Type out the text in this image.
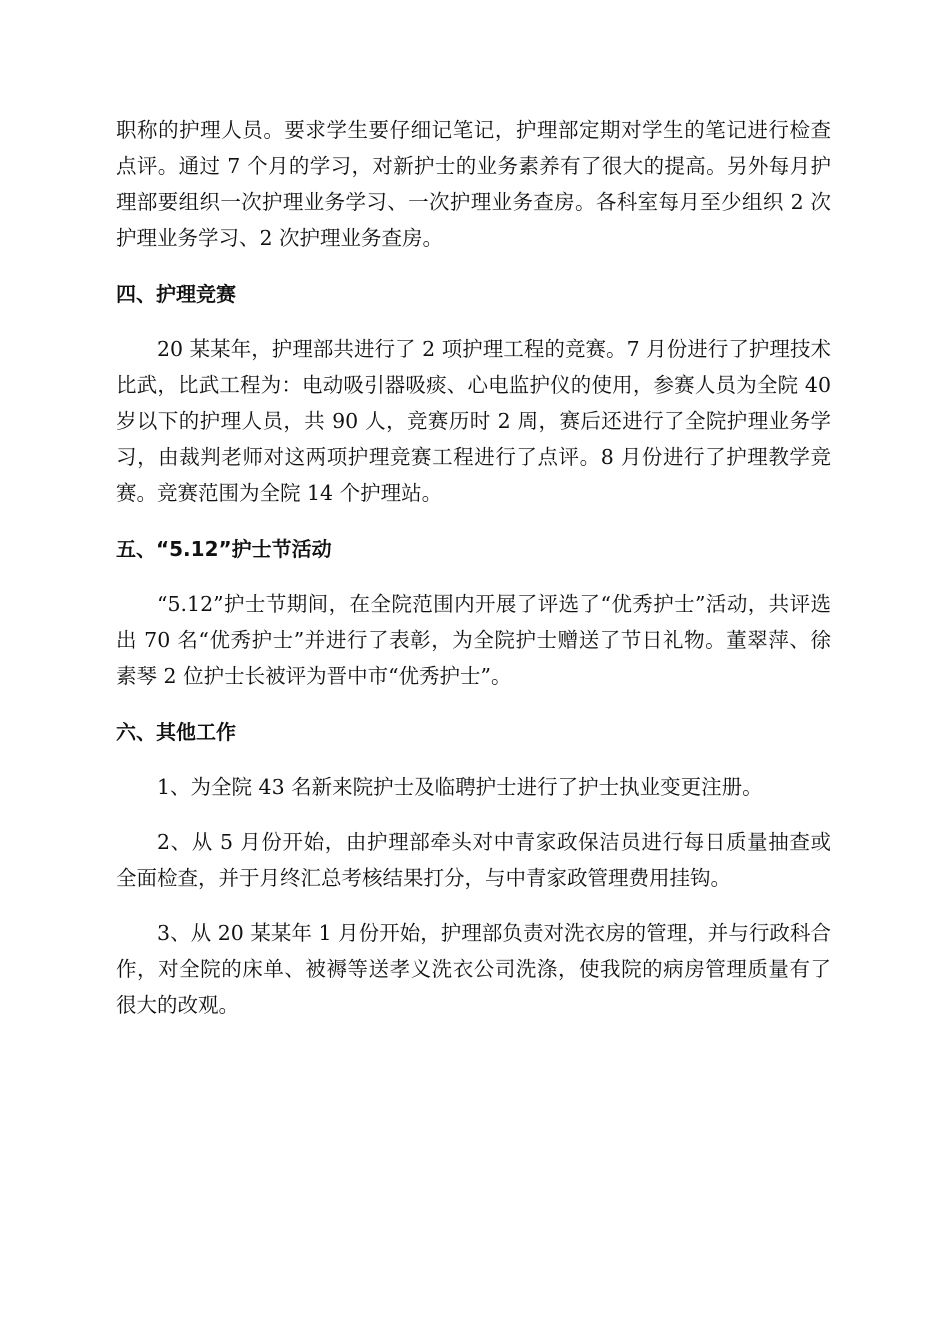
职称的护理人员。要求学生要仔细记笔记，护理部定期对学生的笔记进行检查点评。通过 7 个月的学习，对新护士的业务素养有了很大的提高。另外每月护理部要组织一次护理业务学习、一次护理业务查房。各科室每月至少组织 2 次护理业务学习、2 次护理业务查房。

四、护理竞赛

20 某某年，护理部共进行了 2 项护理工程的竞赛。7 月份进行了护理技术比武，比武工程为：电动吸引器吸痰、心电监护仪的使用，参赛人员为全院 40 岁以下的护理人员，共 90 人，竞赛历时 2 周，赛后还进行了全院护理业务学习，由裁判老师对这两项护理竞赛工程进行了点评。8 月份进行了护理教学竞赛。竞赛范围为全院 14 个护理站。

五、“5.12”护士节活动

“5.12”护士节期间，在全院范围内开展了评选了“优秀护士”活动，共评选出 70 名“优秀护士”并进行了表彰，为全院护士赠送了节日礼物。董翠萍、徐素琴 2 位护士长被评为晋中市“优秀护士”。

六、其他工作

1、为全院 43 名新来院护士及临聘护士进行了护士执业变更注册。

2、从 5 月份开始，由护理部牵头对中青家政保洁员进行每日质量抽查或全面检查，并于月终汇总考核结果打分，与中青家政管理费用挂钩。

3、从 20 某某年 1 月份开始，护理部负责对洗衣房的管理，并与行政科合作，对全院的床单、被褥等送孝义洗衣公司洗涤，使我院的病房管理质量有了很大的改观。
